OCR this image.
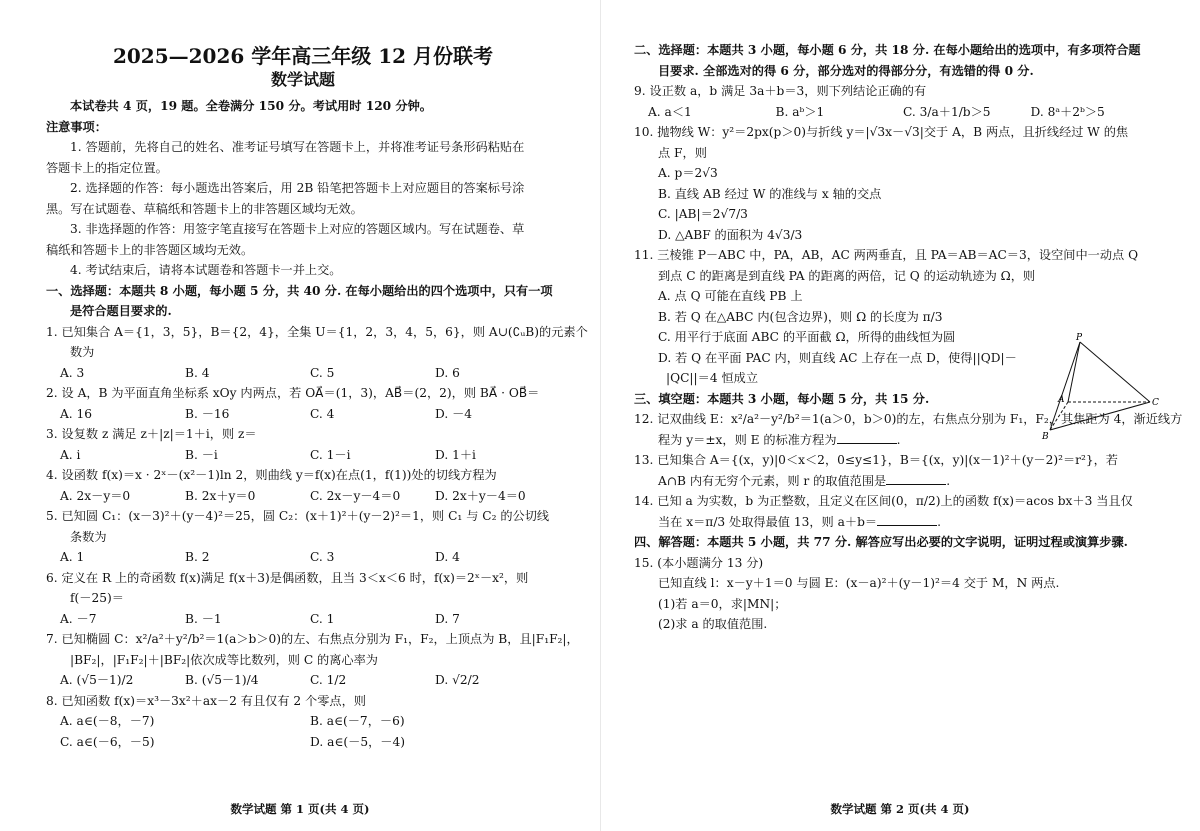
2025—2026 学年高三年级 12 月份联考
数学试题
本试卷共 4 页，19 题。全卷满分 150 分。考试用时 120 分钟。
注意事项：
1. 答题前，先将自己的姓名、准考证号填写在答题卡上，并将准考证号条形码粘贴在
答题卡上的指定位置。
2. 选择题的作答：每小题选出答案后，用 2B 铅笔把答题卡上对应题目的答案标号涂
黑。写在试题卷、草稿纸和答题卡上的非答题区域均无效。
3. 非选择题的作答：用签字笔直接写在答题卡上对应的答题区域内。写在试题卷、草
稿纸和答题卡上的非答题区域均无效。
4. 考试结束后，请将本试题卷和答题卡一并上交。
一、选择题：本题共 8 小题，每小题 5 分，共 40 分. 在每小题给出的四个选项中，只有一项
是符合题目要求的.
1. 已知集合 A＝{1，3，5}，B＝{2，4}，全集 U＝{1，2，3，4，5，6}，则 A∪(∁ᵤB)的元素个
数为
A. 3	B. 4	C. 5	D. 6
2. 设 A，B 为平面直角坐标系 xOy 内两点，若 OA⃗＝(1，3)，AB⃗＝(2，2)，则 BA⃗ · OB⃗＝
A. 16	B. －16	C. 4	D. －4
3. 设复数 z 满足 z＋|z|＝1＋i，则 z＝
A. i	B. －i	C. 1－i	D. 1＋i
4. 设函数 f(x)＝x · 2ˣ－(x²－1)ln 2，则曲线 y＝f(x)在点(1，f(1))处的切线方程为
A. 2x－y＝0	B. 2x＋y＝0	C. 2x－y－4＝0	D. 2x＋y－4＝0
5. 已知圆 C₁：(x－3)²＋(y－4)²＝25，圆 C₂：(x＋1)²＋(y－2)²＝1，则 C₁ 与 C₂ 的公切线
条数为
A. 1	B. 2	C. 3	D. 4
6. 定义在 R 上的奇函数 f(x)满足 f(x＋3)是偶函数，且当 3＜x＜6 时，f(x)＝2ˣ－x²，则
f(－25)＝
A. －7	B. －1	C. 1	D. 7
7. 已知椭圆 C：x²/a²＋y²/b²＝1(a＞b＞0)的左、右焦点分别为 F₁，F₂，上顶点为 B，且|F₁F₂|，
|BF₂|，|F₁F₂|＋|BF₂|依次成等比数列，则 C 的离心率为
A. (√5－1)/2	B. (√5－1)/4	C. 1/2	D. √2/2
8. 已知函数 f(x)＝x³－3x²＋ax－2 有且仅有 2 个零点，则
A. a∈(－8，－7)	B. a∈(－7，－6)
C. a∈(－6，－5)	D. a∈(－5，－4)
数学试题 第 1 页(共 4 页)
二、选择题：本题共 3 小题，每小题 6 分，共 18 分. 在每小题给出的选项中，有多项符合题
目要求. 全部选对的得 6 分，部分选对的得部分分，有选错的得 0 分.
9. 设正数 a，b 满足 3a＋b＝3，则下列结论正确的有
A. a＜1	B. aᵇ＞1	C. 3/a＋1/b＞5	D. 8ᵃ＋2ᵇ＞5
10. 抛物线 W：y²＝2px(p＞0)与折线 y＝|√3x－√3|交于 A，B 两点，且折线经过 W 的焦
点 F，则
A. p＝2√3
B. 直线 AB 经过 W 的准线与 x 轴的交点
C. |AB|＝2√7/3
D. △ABF 的面积为 4√3/3
11. 三棱锥 P－ABC 中，PA，AB，AC 两两垂直，且 PA＝AB＝AC＝3，设空间中一动点 Q
到点 C 的距离是到直线 PA 的距离的两倍，记 Q 的运动轨迹为 Ω，则
A. 点 Q 可能在直线 PB 上
B. 若 Q 在△ABC 内(包含边界)，则 Ω 的长度为 π/3
C. 用平行于底面 ABC 的平面截 Ω，所得的曲线恒为圆
D. 若 Q 在平面 PAC 内，则直线 AC 上存在一点 D，使得||QD|－
|QC||＝4 恒成立
三、填空题：本题共 3 小题，每小题 5 分，共 15 分.
12. 记双曲线 E：x²/a²－y²/b²＝1(a＞0，b＞0)的左，右焦点分别为 F₁，F₂，其焦距为 4，渐近线方
程为 y＝±x，则 E 的标准方程为	.
13. 已知集合 A＝{(x，y)|0＜x＜2，0≤y≤1}，B＝{(x，y)|(x－1)²＋(y－2)²＝r²}，若
A∩B 内有无穷个元素，则 r 的取值范围是	.
14. 已知 a 为实数，b 为正整数，且定义在区间(0，π/2)上的函数 f(x)＝acos bx＋3 当且仅
当在 x＝π/3 处取得最值 13，则 a＋b＝	.
四、解答题：本题共 5 小题，共 77 分. 解答应写出必要的文字说明，证明过程或演算步骤.
15. (本小题满分 13 分)
已知直线 l：x－y＋1＝0 与圆 E：(x－a)²＋(y－1)²＝4 交于 M，N 两点.
(1)若 a＝0，求|MN|；
(2)求 a 的取值范围.
P
A
B
C
数学试题 第 2 页(共 4 页)
